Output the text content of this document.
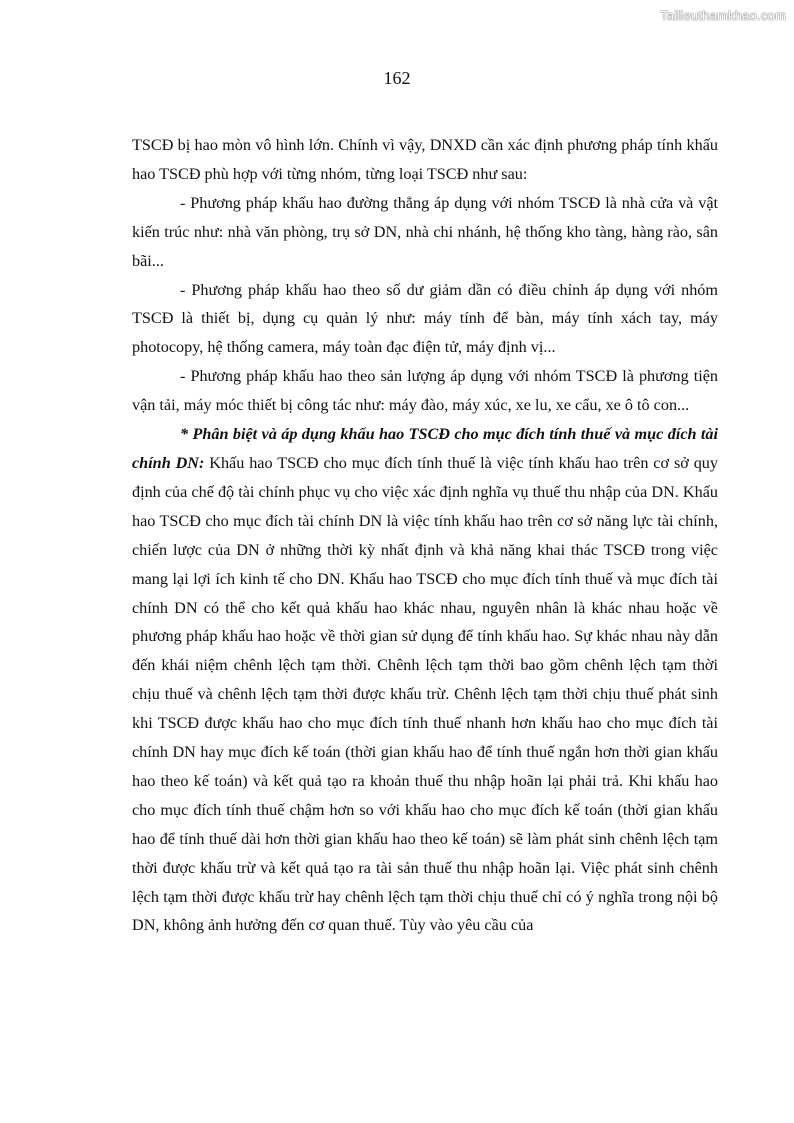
Tailieuthamkhao.com
162

TSCĐ bị hao mòn vô hình lớn. Chính vì vậy, DNXD cần xác định phương pháp tính khấu hao TSCĐ phù hợp với từng nhóm, từng loại TSCĐ như sau:

- Phương pháp khấu hao đường thẳng áp dụng với nhóm TSCĐ là nhà cửa và vật kiến trúc như: nhà văn phòng, trụ sở DN, nhà chi nhánh, hệ thống kho tàng, hàng rào, sân bãi...

- Phương pháp khấu hao theo số dư giảm dần có điều chỉnh áp dụng với nhóm TSCĐ là thiết bị, dụng cụ quản lý như: máy tính để bàn, máy tính xách tay, máy photocopy, hệ thống camera, máy toàn đạc điện tử, máy định vị...

- Phương pháp khấu hao theo sản lượng áp dụng với nhóm TSCĐ là phương tiện vận tải, máy móc thiết bị công tác như: máy đào, máy xúc, xe lu, xe cẩu, xe ô tô con...

* Phân biệt và áp dụng khấu hao TSCĐ cho mục đích tính thuế và mục đích tài chính DN: Khấu hao TSCĐ cho mục đích tính thuế là việc tính khấu hao trên cơ sở quy định của chế độ tài chính phục vụ cho việc xác định nghĩa vụ thuế thu nhập của DN. Khấu hao TSCĐ cho mục đích tài chính DN là việc tính khấu hao trên cơ sở năng lực tài chính, chiến lược của DN ở những thời kỳ nhất định và khả năng khai thác TSCĐ trong việc mang lại lợi ích kinh tế cho DN. Khấu hao TSCĐ cho mục đích tính thuế và mục đích tài chính DN có thể cho kết quả khấu hao khác nhau, nguyên nhân là khác nhau hoặc về phương pháp khấu hao hoặc về thời gian sử dụng để tính khấu hao. Sự khác nhau này dẫn đến khái niệm chênh lệch tạm thời. Chênh lệch tạm thời bao gồm chênh lệch tạm thời chịu thuế và chênh lệch tạm thời được khấu trừ. Chênh lệch tạm thời chịu thuế phát sinh khi TSCĐ được khấu hao cho mục đích tính thuế nhanh hơn khấu hao cho mục đích tài chính DN hay mục đích kế toán (thời gian khấu hao để tính thuế ngắn hơn thời gian khấu hao theo kế toán) và kết quả tạo ra khoản thuế thu nhập hoãn lại phải trả. Khi khấu hao cho mục đích tính thuế chậm hơn so với khấu hao cho mục đích kế toán (thời gian khấu hao để tính thuế dài hơn thời gian khấu hao theo kế toán) sẽ làm phát sinh chênh lệch tạm thời được khấu trừ và kết quả tạo ra tài sản thuế thu nhập hoãn lại. Việc phát sinh chênh lệch tạm thời được khấu trừ hay chênh lệch tạm thời chịu thuế chỉ có ý nghĩa trong nội bộ DN, không ảnh hưởng đến cơ quan thuế. Tùy vào yêu cầu của
